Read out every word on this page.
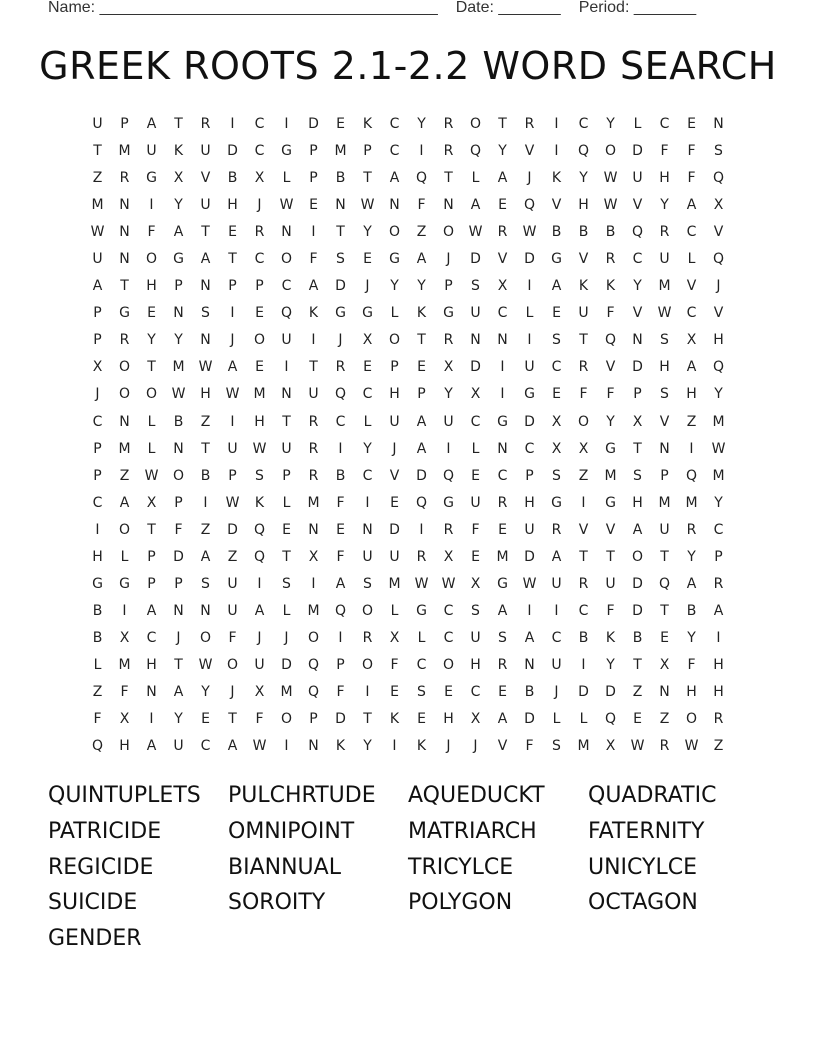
Name: ______________________________________ Date: _______ Period: _______
GREEK ROOTS 2.1-2.2 WORD SEARCH
U	P	A	T	R	I	C	I	D	E	K	C	Y	R	O	T	R	I	C	Y	L	C	E	N
T	M	U	K	U	D	C	G	P	M	P	C	I	R	Q	Y	V	I	Q	O	D	F	F	S
Z	R	G	X	V	B	X	L	P	B	T	A	Q	T	L	A	J	K	Y	W	U	H	F	Q
M	N	I	Y	U	H	J	W	E	N	W	N	F	N	A	E	Q	V	H	W	V	Y	A	X
W	N	F	A	T	E	R	N	I	T	Y	O	Z	O	W	R	W	B	B	B	Q	R	C	V
U	N	O	G	A	T	C	O	F	S	E	G	A	J	D	V	D	G	V	R	C	U	L	Q
A	T	H	P	N	P	P	C	A	D	J	Y	Y	P	S	X	I	A	K	K	Y	M	V	J
P	G	E	N	S	I	E	Q	K	G	G	L	K	G	U	C	L	E	U	F	V	W	C	V
P	R	Y	Y	N	J	O	U	I	J	X	O	T	R	N	N	I	S	T	Q	N	S	X	H
X	O	T	M	W	A	E	I	T	R	E	P	E	X	D	I	U	C	R	V	D	H	A	Q
J	O	O	W	H	W	M	N	U	Q	C	H	P	Y	X	I	G	E	F	F	P	S	H	Y
C	N	L	B	Z	I	H	T	R	C	L	U	A	U	C	G	D	X	O	Y	X	V	Z	M
P	M	L	N	T	U	W	U	R	I	Y	J	A	I	L	N	C	X	X	G	T	N	I	W
P	Z	W	O	B	P	S	P	R	B	C	V	D	Q	E	C	P	S	Z	M	S	P	Q	M
C	A	X	P	I	W	K	L	M	F	I	E	Q	G	U	R	H	G	I	G	H	M	M	Y
I	O	T	F	Z	D	Q	E	N	E	N	D	I	R	F	E	U	R	V	V	A	U	R	C
H	L	P	D	A	Z	Q	T	X	F	U	U	R	X	E	M	D	A	T	T	O	T	Y	P
G	G	P	P	S	U	I	S	I	A	S	M	W W	X	G	W	U	R	U	D	Q	A	R
B	I	A	N	N	U	A	L	M	Q	O	L	G	C	S	A	I	I	C	F	D	T	B	A
B	X	C	J	O	F	J	J	O	I	R	X	L	C	U	S	A	C	B	K	B	E	Y	I
L	M	H	T	W	O	U	D	Q	P	O	F	C	O	H	R	N	U	I	Y	T	X	F	H
Z	F	N	A	Y	J	X	M	Q	F	I	E	S	E	C	E	B	J	D	D	Z	N	H	H
F	X	I	Y	E	T	F	O	P	D	T	K	E	H	X	A	D	L	L	Q	E	Z	O	R
Q	H	A	U	C	A	W	I	N	K	Y	I	K	J	J	V	F	S	M	X	W	R	W	Z
QUINTUPLETS	PULCHRTUDE	AQUEDUCKT	QUADRATIC
PATRICIDE	OMNIPOINT	MATRIARCH	FATERNITY
REGICIDE	BIANNUAL	TRICYLCE	UNICYLCE
SUICIDE	SOROITY	POLYGON	OCTAGON
GENDER
